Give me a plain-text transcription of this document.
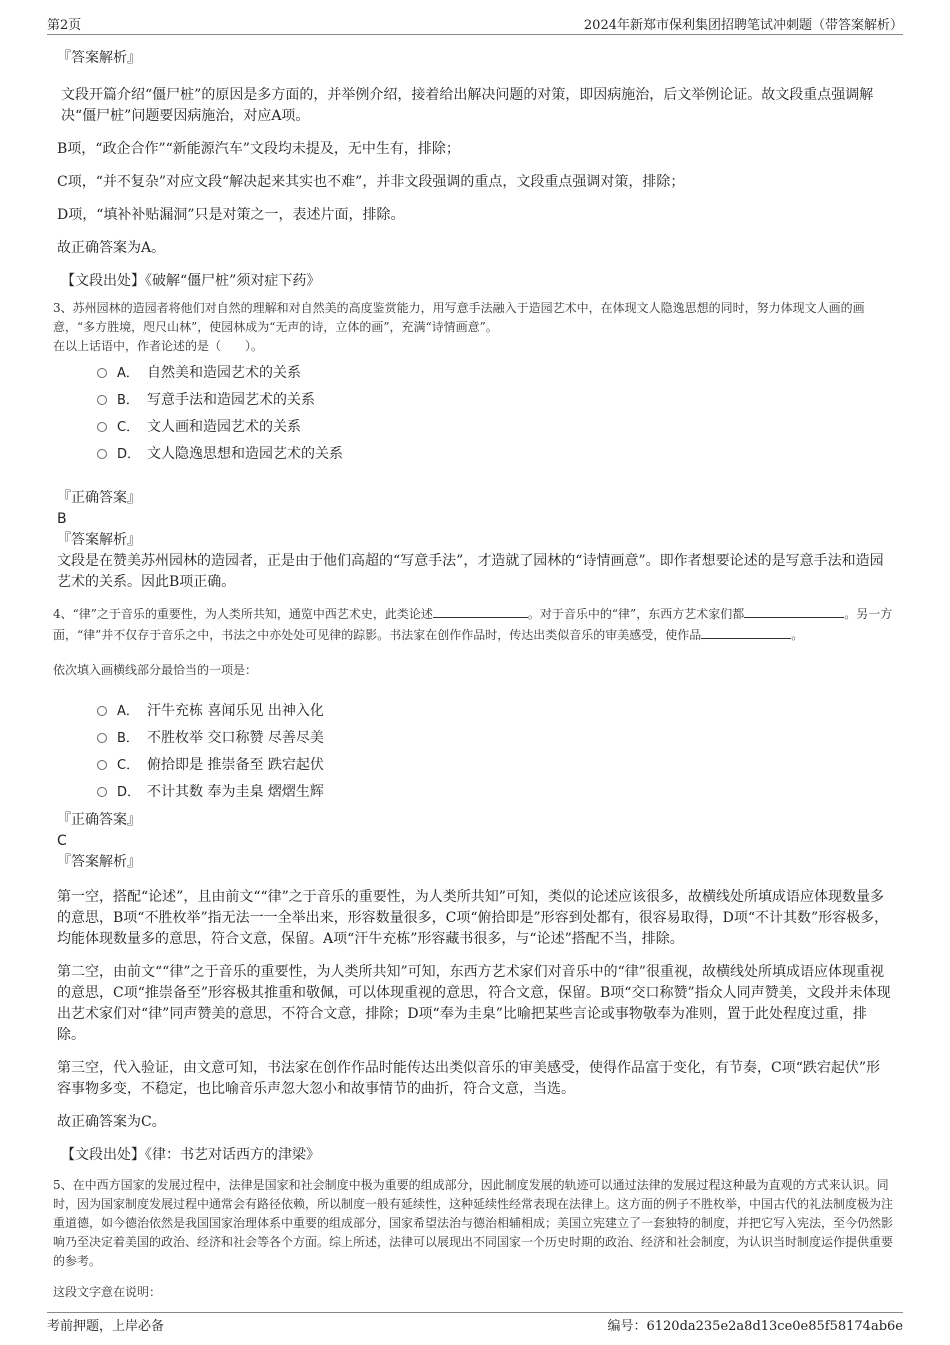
第2页	2024年新郑市保利集团招聘笔试冲刺题（带答案解析）
『答案解析』
文段开篇介绍“僵尸桩”的原因是多方面的，并举例介绍，接着给出解决问题的对策，即因病施治，后文举例论证。故文段重点强调解决“僵尸桩”问题要因病施治，对应A项。
B项，“政企合作”“新能源汽车”文段均未提及，无中生有，排除；
C项，“并不复杂”对应文段“解决起来其实也不难”，并非文段强调的重点，文段重点强调对策，排除；
D项，“填补补贴漏洞”只是对策之一，表述片面，排除。
故正确答案为A。
【文段出处】《破解“僵尸桩”须对症下药》
3、苏州园林的造园者将他们对自然的理解和对自然美的高度鉴赏能力，用写意手法融入于造园艺术中，在体现文人隐逸思想的同时，努力体现文人画的画意，“多方胜境，咫尺山林”，使园林成为“无声的诗，立体的画”，充满“诗情画意”。
在以上话语中，作者论述的是（　　）。
A． 自然美和造园艺术的关系
B． 写意手法和造园艺术的关系
C． 文人画和造园艺术的关系
D． 文人隐逸思想和造园艺术的关系
『正确答案』
B
『答案解析』
文段是在赞美苏州园林的造园者，正是由于他们高超的“写意手法”，才造就了园林的“诗情画意”。即作者想要论述的是写意手法和造园艺术的关系。因此B项正确。
4、“律”之于音乐的重要性，为人类所共知，通览中西艺术史，此类论述	。对于音乐中的“律”，东西方艺术家们都	。另一方面，“律”并不仅存于音乐之中，书法之中亦处处可见律的踪影。书法家在创作作品时，传达出类似音乐的审美感受，使作品	。
依次填入画横线部分最恰当的一项是：
A． 汗牛充栋 喜闻乐见 出神入化
B． 不胜枚举 交口称赞 尽善尽美
C． 俯拾即是 推崇备至 跌宕起伏
D． 不计其数 奉为圭臬 熠熠生辉
『正确答案』
C
『答案解析』
第一空，搭配“论述”，且由前文““律”之于音乐的重要性，为人类所共知”可知，类似的论述应该很多，故横线处所填成语应体现数量多的意思，B项“不胜枚举”指无法一一全举出来，形容数量很多，C项“俯拾即是”形容到处都有，很容易取得，D项“不计其数”形容极多，均能体现数量多的意思，符合文意，保留。A项“汗牛充栋”形容藏书很多，与“论述”搭配不当，排除。
第二空，由前文““律”之于音乐的重要性，为人类所共知”可知，东西方艺术家们对音乐中的“律”很重视，故横线处所填成语应体现重视的意思，C项“推崇备至”形容极其推重和敬佩，可以体现重视的意思，符合文意，保留。B项“交口称赞”指众人同声赞美，文段并未体现出艺术家们对“律”同声赞美的意思，不符合文意，排除；D项“奉为圭臬”比喻把某些言论或事物敬奉为准则，置于此处程度过重，排除。
第三空，代入验证，由文意可知，书法家在创作作品时能传达出类似音乐的审美感受，使得作品富于变化，有节奏，C项“跌宕起伏”形容事物多变，不稳定，也比喻音乐声忽大忽小和故事情节的曲折，符合文意，当选。
故正确答案为C。
【文段出处】《律：书艺对话西方的津梁》
5、在中西方国家的发展过程中，法律是国家和社会制度中极为重要的组成部分，因此制度发展的轨迹可以通过法律的发展过程这种最为直观的方式来认识。同时，因为国家制度发展过程中通常会有路径依赖，所以制度一般有延续性，这种延续性经常表现在法律上。这方面的例子不胜枚举，中国古代的礼法制度极为注重道德，如今德治依然是我国国家治理体系中重要的组成部分，国家希望法治与德治相辅相成；美国立宪建立了一套独特的制度，并把它写入宪法，至今仍然影响乃至决定着美国的政治、经济和社会等各个方面。综上所述，法律可以展现出不同国家一个历史时期的政治、经济和社会制度，为认识当时制度运作提供重要的参考。
这段文字意在说明：
考前押题，上岸必备	编号：6120da235e2a8d13ce0e85f58174ab6e
